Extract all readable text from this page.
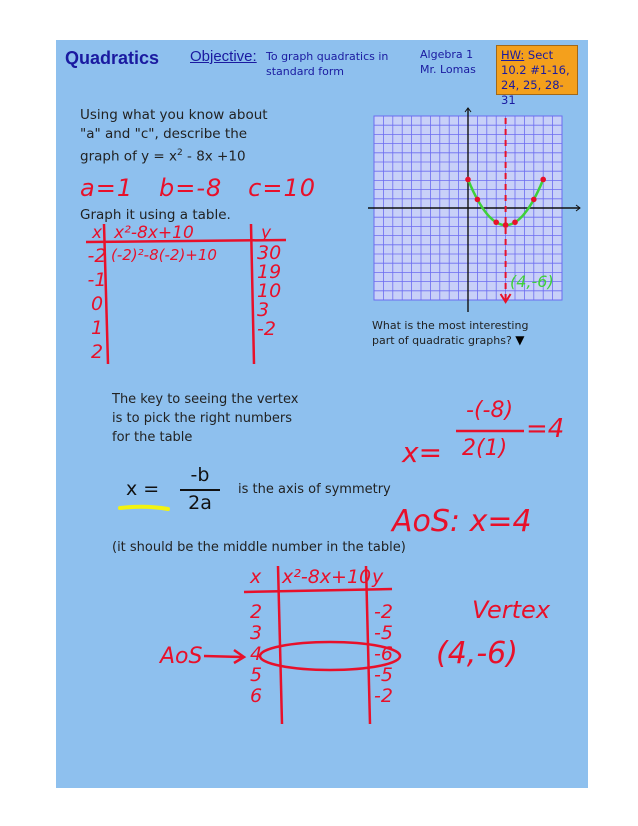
Quadratics Objective: To graph quadratics in
standard form
Algebra 1
Mr. Lomas
HW: Sect
10.2 #1-16,
24, 25, 28-31
Using what you know about
"a" and "c", describe the
graph of $y = x^2 - 8x +10$
a=1   b=-8   c=10
Graph it using a table.
x x²-8x+10	y
-2
-1
0
1
2
(-2)²-8(-2)+10 30
19
10
3
-2
(4,-6)
What is the most interesting
part of quadratic graphs? ▼
The key to seeing the vertex
is to pick the right numbers
for the table
-(-8)
x= 2(1)
=4
x =
-b
2a
is the axis of symmetry
AoS: x=4
(it should be the middle number in the table)
x x²-8x+10 y
2
3
4
5
6
-2
-5
-6
-5
-2
AoS
Vertex
(4,-6)
